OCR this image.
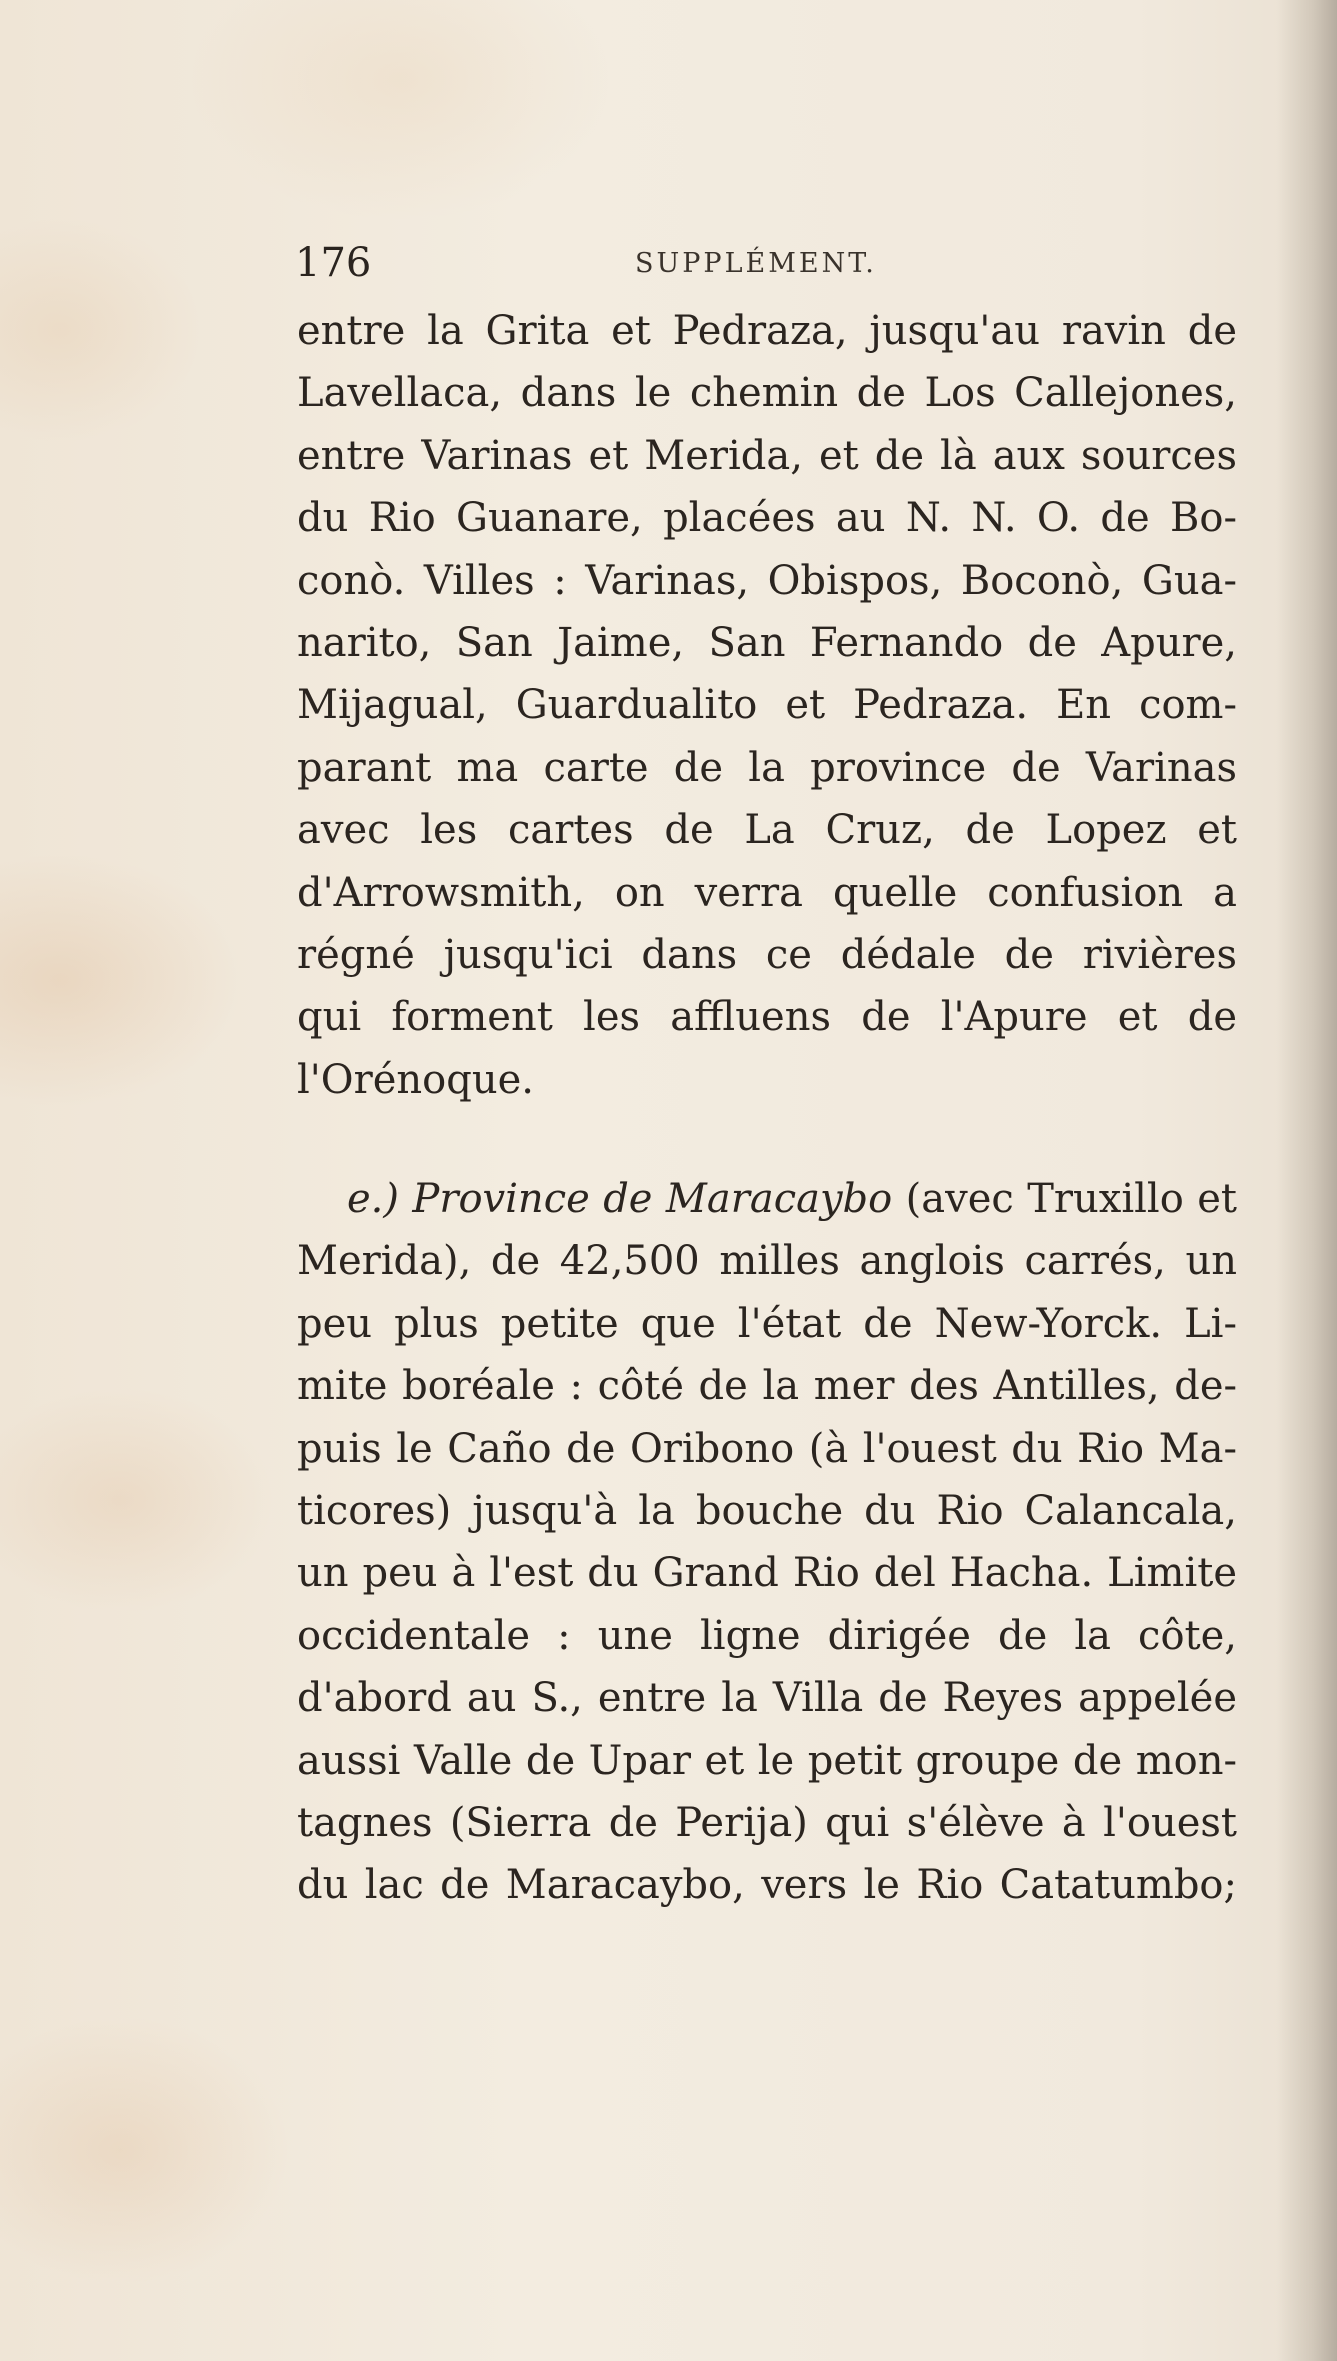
176	SUPPLÉMENT.
entre la Grita et Pedraza, jusqu'au ravin de
Lavellaca, dans le chemin de Los Callejones,
entre Varinas et Merida, et de là aux sources
du Rio Guanare, placées au N. N. O. de Bo-
conò. Villes : Varinas, Obispos, Boconò, Gua-
narito, San Jaime, San Fernando de Apure,
Mijagual, Guardualito et Pedraza. En com-
parant ma carte de la province de Varinas
avec les cartes de La Cruz, de Lopez et
d'Arrowsmith, on verra quelle confusion a
régné jusqu'ici dans ce dédale de rivières
qui forment les affluens de l'Apure et de
l'Orénoque.
e.) Province de Maracaybo (avec Truxillo et
Merida), de 42,500 milles anglois carrés, un
peu plus petite que l'état de New-Yorck. Li-
mite boréale : côté de la mer des Antilles, de-
puis le Caño de Oribono (à l'ouest du Rio Ma-
ticores) jusqu'à la bouche du Rio Calancala,
un peu à l'est du Grand Rio del Hacha. Limite
occidentale : une ligne dirigée de la côte,
d'abord au S., entre la Villa de Reyes appelée
aussi Valle de Upar et le petit groupe de mon-
tagnes (Sierra de Perija) qui s'élève à l'ouest
du lac de Maracaybo, vers le Rio Catatumbo;
